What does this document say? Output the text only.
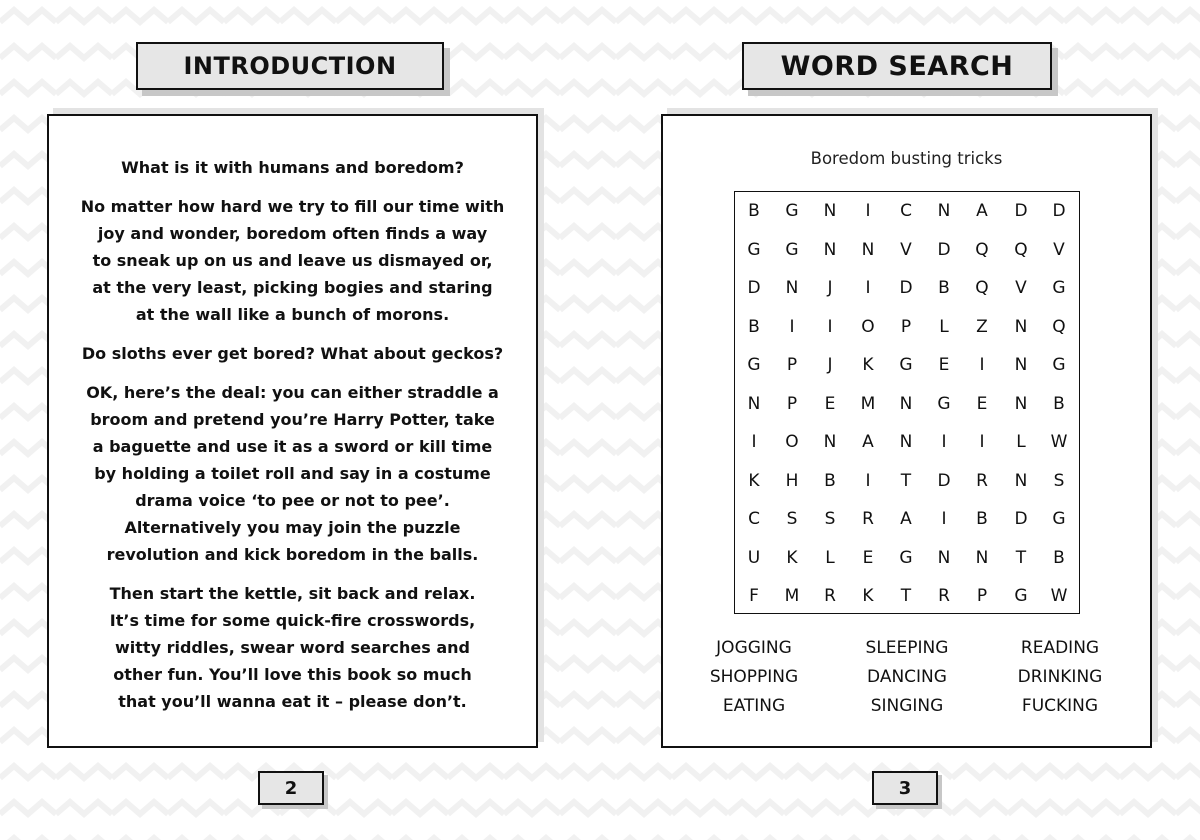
INTRODUCTION	WORD SEARCH

What is it with humans and boredom?

No matter how hard we try to fill our time with
joy and wonder, boredom often finds a way
to sneak up on us and leave us dismayed or,
at the very least, picking bogies and staring
at the wall like a bunch of morons.

Do sloths ever get bored? What about geckos?

OK, here’s the deal: you can either straddle a
broom and pretend you’re Harry Potter, take
a baguette and use it as a sword or kill time
by holding a toilet roll and say in a costume
drama voice ‘to pee or not to pee’.
Alternatively you may join the puzzle
revolution and kick boredom in the balls.

Then start the kettle, sit back and relax.
It’s time for some quick-fire crosswords,
witty riddles, swear word searches and
other fun. You’ll love this book so much
that you’ll wanna eat it – please don’t.

Boredom busting tricks
B	G	N	I	C	N	A	D	D
G	G	N	N	V	D	Q	Q	V
D	N	J	I	D	B	Q	V	G
B	I	I	O	P	L	Z	N	Q
G	P	J	K	G	E	I	N	G
N	P	E	M	N	G	E	N	B
I	O	N	A	N	I	I	L	W
K	H	B	I	T	D	R	N	S
C	S	S	R	A	I	B	D	G
U	K	L	E	G	N	N	T	B
F	M	R	K	T	R	P	G	W
JOGGING	SLEEPING	READING
SHOPPING	DANCING	DRINKING
EATING	SINGING	FUCKING
2	3
